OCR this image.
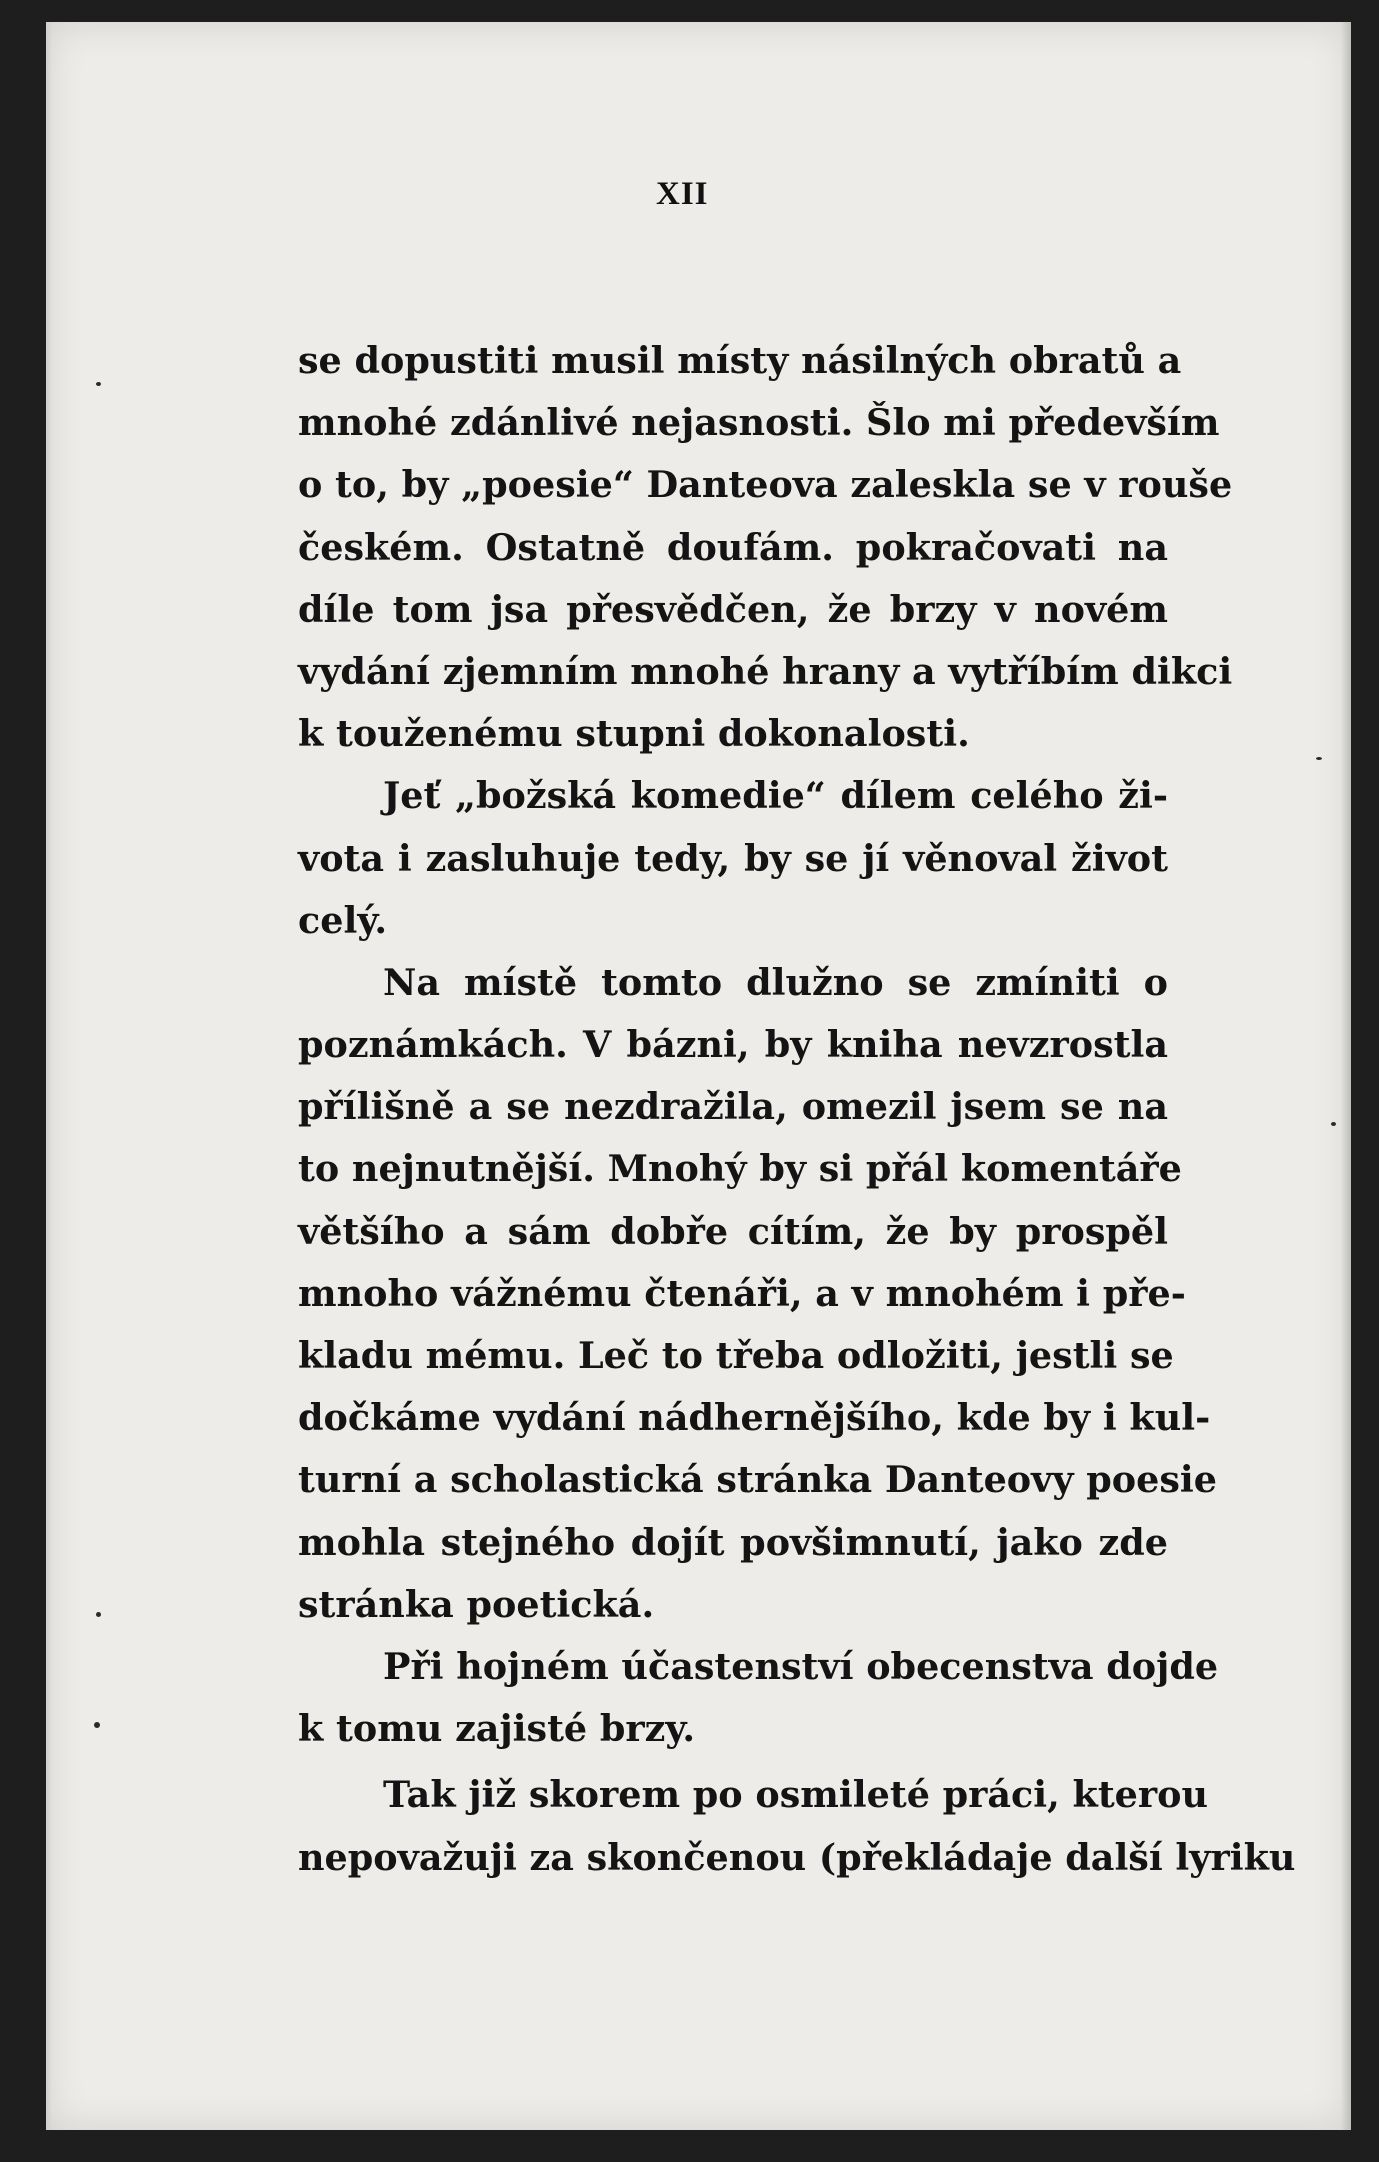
XII
se dopustiti musil místy násilných obratů a
mnohé zdánlivé nejasnosti. Šlo mi především
o to, by „poesie“ Danteova zaleskla se v rouše
českém. Ostatně doufám. pokračovati na
díle tom jsa přesvědčen, že brzy v novém
vydání zjemním mnohé hrany a vytříbím dikci
k touženému stupni dokonalosti.
Jeť „božská komedie“ dílem celého ži-
vota i zasluhuje tedy, by se jí věnoval život
celý.
Na místě tomto dlužno se zmíniti o
poznámkách. V bázni, by kniha nevzrostla
přílišně a se nezdražila, omezil jsem se na
to nejnutnější. Mnohý by si přál komentáře
většího a sám dobře cítím, že by prospěl
mnoho vážnému čtenáři, a v mnohém i pře-
kladu mému. Leč to třeba odložiti, jestli se
dočkáme vydání nádhernějšího, kde by i kul-
turní a scholastická stránka Danteovy poesie
mohla stejného dojít povšimnutí, jako zde
stránka poetická.
Při hojném účastenství obecenstva dojde
k tomu zajisté brzy.
Tak již skorem po osmileté práci, kterou
nepovažuji za skončenou (překládaje další lyriku
